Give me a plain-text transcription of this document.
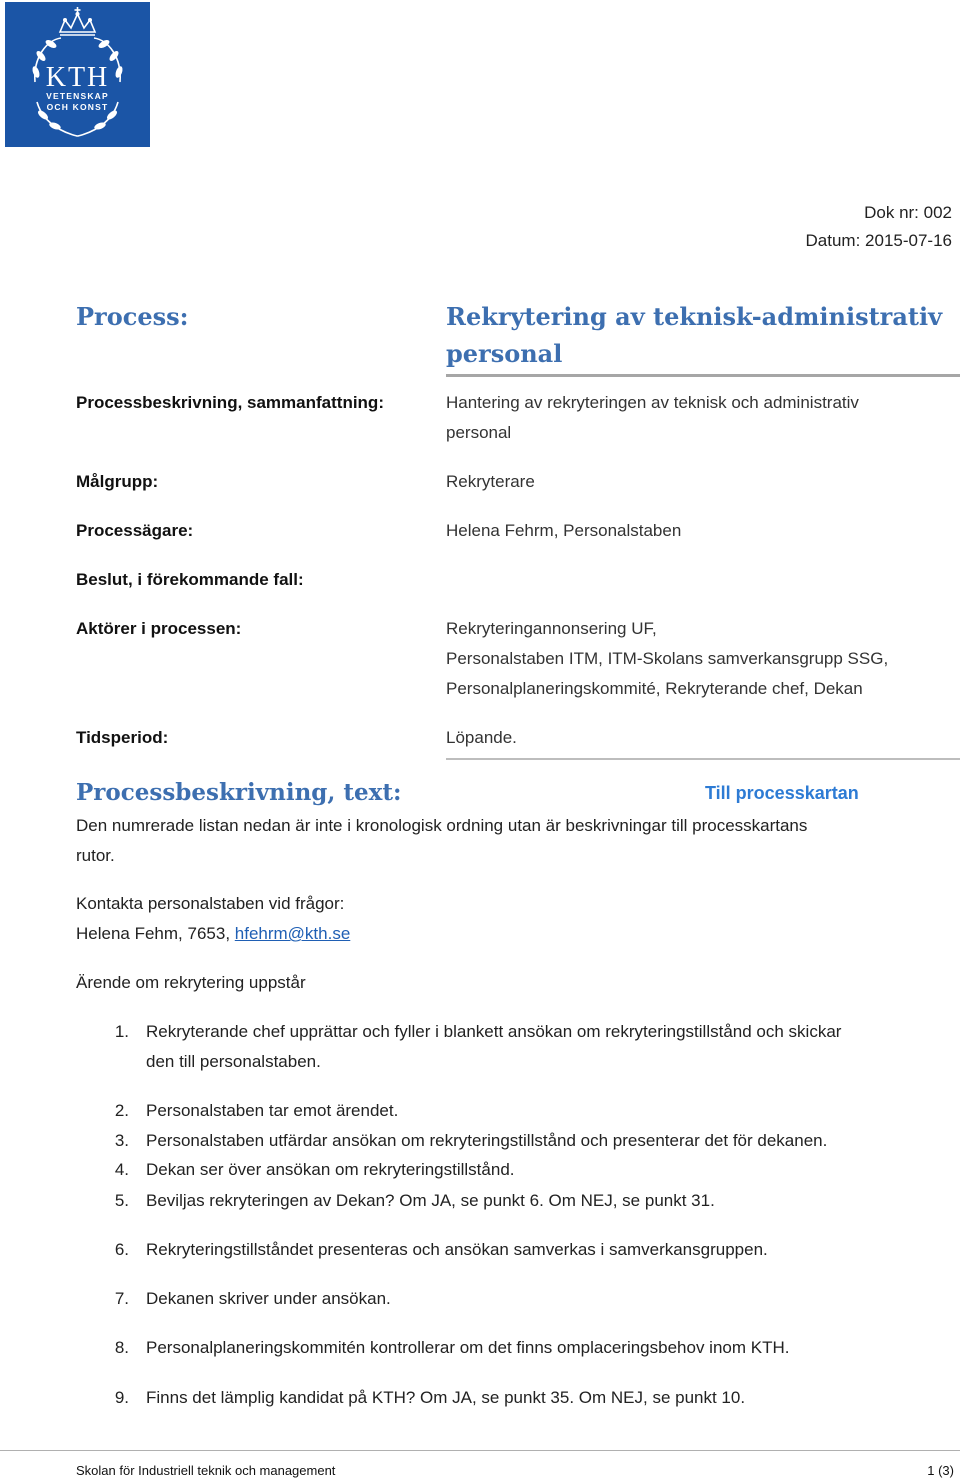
KTH
VETENSKAP
OCH KONST
Dok nr: 002
Datum: 2015-07-16
Process:	Rekrytering av teknisk-administrativ
personal
Processbeskrivning, sammanfattning:	Hantering av rekryteringen av teknisk och administrativ
personal
Målgrupp:	Rekryterare
Processägare:	Helena Fehrm, Personalstaben
Beslut, i förekommande fall:
Aktörer i processen:	Rekryteringannonsering UF,
Personalstaben ITM, ITM-Skolans samverkansgrupp SSG,
Personalplaneringskommité, Rekryterande chef, Dekan
Tidsperiod:	Löpande.
Processbeskrivning, text:	Till processkartan
Den numrerade listan nedan är inte i kronologisk ordning utan är beskrivningar till processkartans
rutor.
Kontakta personalstaben vid frågor:
Helena Fehm, 7653, hfehrm@kth.se
Ärende om rekrytering uppstår
1. Rekryterande chef upprättar och fyller i blankett ansökan om rekryteringstillstånd och skickar
den till personalstaben.
2. Personalstaben tar emot ärendet.
3. Personalstaben utfärdar ansökan om rekryteringstillstånd och presenterar det för dekanen.
4. Dekan ser över ansökan om rekryteringstillstånd.
5. Beviljas rekryteringen av Dekan? Om JA, se punkt 6. Om NEJ, se punkt 31.
6. Rekryteringstillståndet presenteras och ansökan samverkas i samverkansgruppen.
7. Dekanen skriver under ansökan.
8. Personalplaneringskommitén kontrollerar om det finns omplaceringsbehov inom KTH.
9. Finns det lämplig kandidat på KTH? Om JA, se punkt 35. Om NEJ, se punkt 10.
Skolan för Industriell teknik och management	1 (3)
